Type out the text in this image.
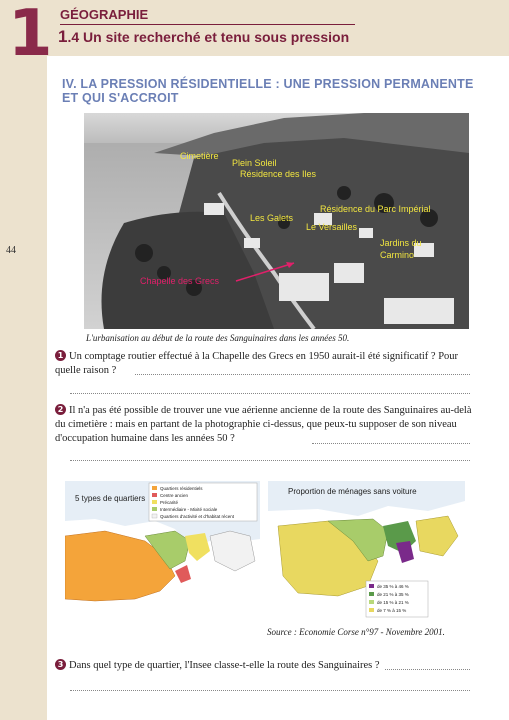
1
44
GÉOGRAPHIE
1.4 Un site recherché et tenu sous pression
IV. LA PRESSION RÉSIDENTIELLE : UNE PRESSION PERMANENTE ET QUI S'ACCROIT
Cimetière
Plein Soleil
Résidence des Iles
Résidence du Parc Impérial
Les Galets
Le Versailles
Jardins du
Carmino
Chapelle des Grecs
L'urbanisation au début de la route des Sanguinaires dans les années 50.
1 Un comptage routier effectué à la Chapelle des Grecs en 1950 aurait-il été significatif ? Pour quelle raison ?
2 Il n'a pas été possible de trouver une vue aérienne ancienne de la route des Sanguinaires au-delà du cimetière : mais en partant de la photographie ci-dessus, que peux-tu supposer de son niveau d'occupation humaine dans les années 50 ?
5 types de quartiers
Quartiers résidentiels
Centre ancien
Précarité
Intermédiaire - Mixité sociale
Quartiers d'activité et d'habitat récent
Proportion de ménages sans voiture
de 35 % à 46 %
de 21 % à 35 %
de 15 % à 21 %
de 7 % à 15 %
Source : Economie Corse n°97 - Novembre 2001.
3 Dans quel type de quartier, l'Insee classe-t-elle la route des Sanguinaires ?
